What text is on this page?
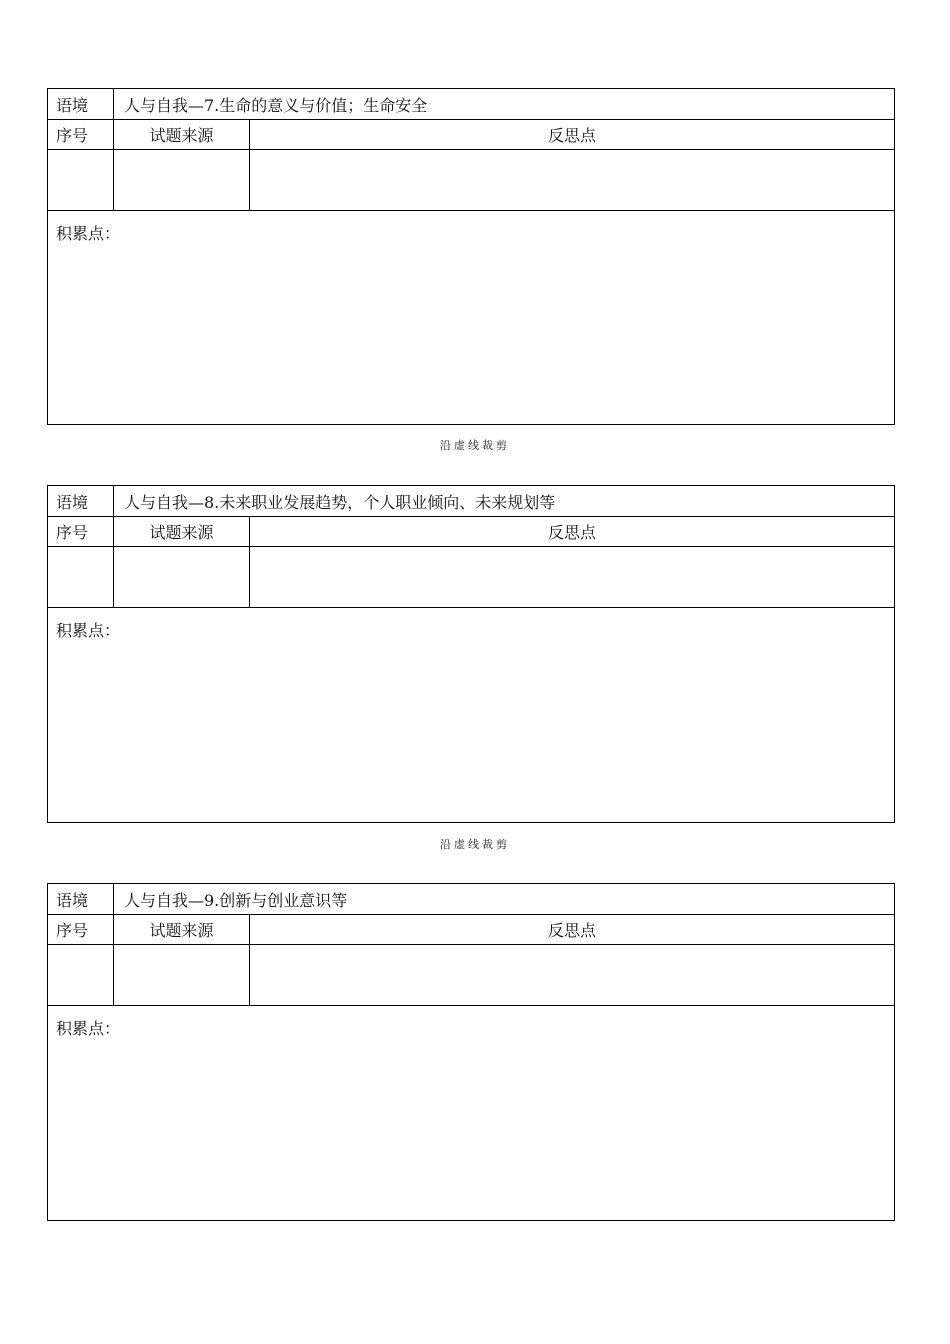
语境	人与自我—7.生命的意义与价值；生命安全
序号	试题来源	反思点
积累点：
沿虚线裁剪
语境	人与自我—8.未来职业发展趋势，个人职业倾向、未来规划等
序号	试题来源	反思点
积累点：
沿虚线裁剪
语境	人与自我—9.创新与创业意识等
序号	试题来源	反思点
积累点：
